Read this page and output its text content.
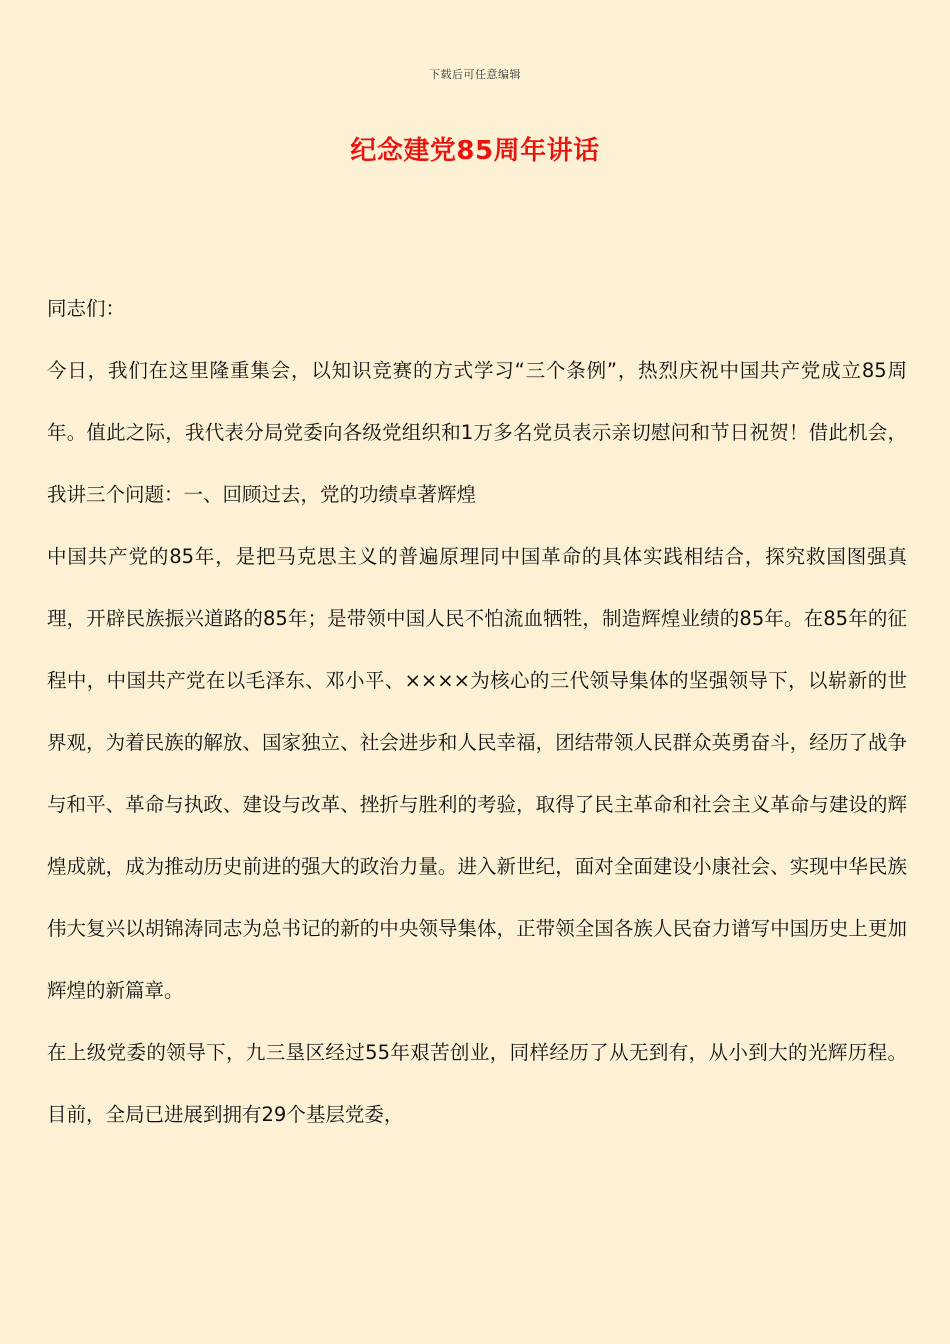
下载后可任意编辑
纪念建党85周年讲话

同志们：

今日，我们在这里隆重集会，以知识竞赛的方式学习“三个条例”，热烈庆祝中国共产党成立85周年。值此之际，我代表分局党委向各级党组织和1万多名党员表示亲切慰问和节日祝贺！借此机会，我讲三个问题：一、回顾过去，党的功绩卓著辉煌

中国共产党的85年，是把马克思主义的普遍原理同中国革命的具体实践相结合，探究救国图强真理，开辟民族振兴道路的85年；是带领中国人民不怕流血牺牲，制造辉煌业绩的85年。在85年的征程中，中国共产党在以毛泽东、邓小平、××××为核心的三代领导集体的坚强领导下，以崭新的世界观，为着民族的解放、国家独立、社会进步和人民幸福，团结带领人民群众英勇奋斗，经历了战争与和平、革命与执政、建设与改革、挫折与胜利的考验，取得了民主革命和社会主义革命与建设的辉煌成就，成为推动历史前进的强大的政治力量。进入新世纪，面对全面建设小康社会、实现中华民族伟大复兴以胡锦涛同志为总书记的新的中央领导集体，正带领全国各族人民奋力谱写中国历史上更加辉煌的新篇章。

在上级党委的领导下，九三垦区经过55年艰苦创业，同样经历了从无到有，从小到大的光辉历程。目前，全局已进展到拥有29个基层党委，
